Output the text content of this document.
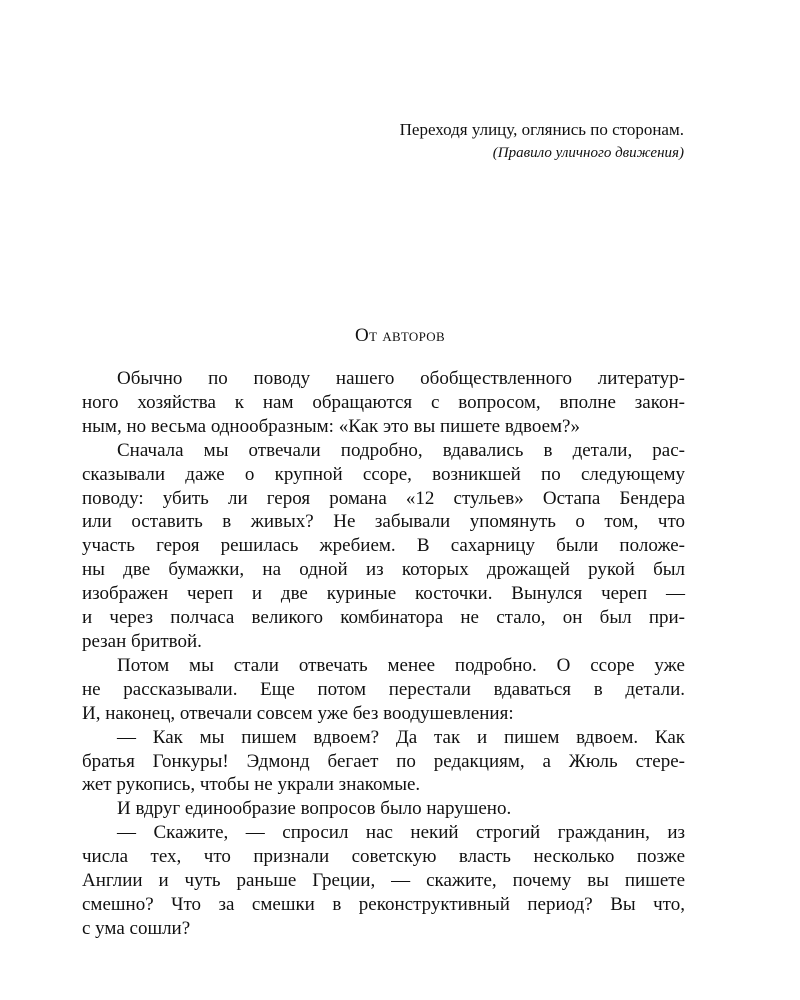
Переходя улицу, оглянись по сторонам.

(Правило уличного движения)

От авторов
Обычно по поводу нашего обобществленного литератур-
ного хозяйства к нам обращаются с вопросом, вполне закон-
ным, но весьма однообразным: «Как это вы пишете вдвоем?»
Сначала мы отвечали подробно, вдавались в детали, рас-
сказывали даже о крупной ссоре, возникшей по следующему
поводу: убить ли героя романа «12 стульев» Остапа Бендера
или оставить в живых? Не забывали упомянуть о том, что
участь героя решилась жребием. В сахарницу были положе-
ны две бумажки, на одной из которых дрожащей рукой был
изображен череп и две куриные косточки. Вынулся череп —
и через полчаса великого комбинатора не стало, он был при-
резан бритвой.
Потом мы стали отвечать менее подробно. О ссоре уже
не рассказывали. Еще потом перестали вдаваться в детали.
И, наконец, отвечали совсем уже без воодушевления:
— Как мы пишем вдвоем? Да так и пишем вдвоем. Как
братья Гонкуры! Эдмонд бегает по редакциям, а Жюль стере-
жет рукопись, чтобы не украли знакомые.
И вдруг единообразие вопросов было нарушено.
— Скажите, — спросил нас некий строгий гражданин, из
числа тех, что признали советскую власть несколько позже
Англии и чуть раньше Греции, — скажите, почему вы пишете
смешно? Что за смешки в реконструктивный период? Вы что,
с ума сошли?
